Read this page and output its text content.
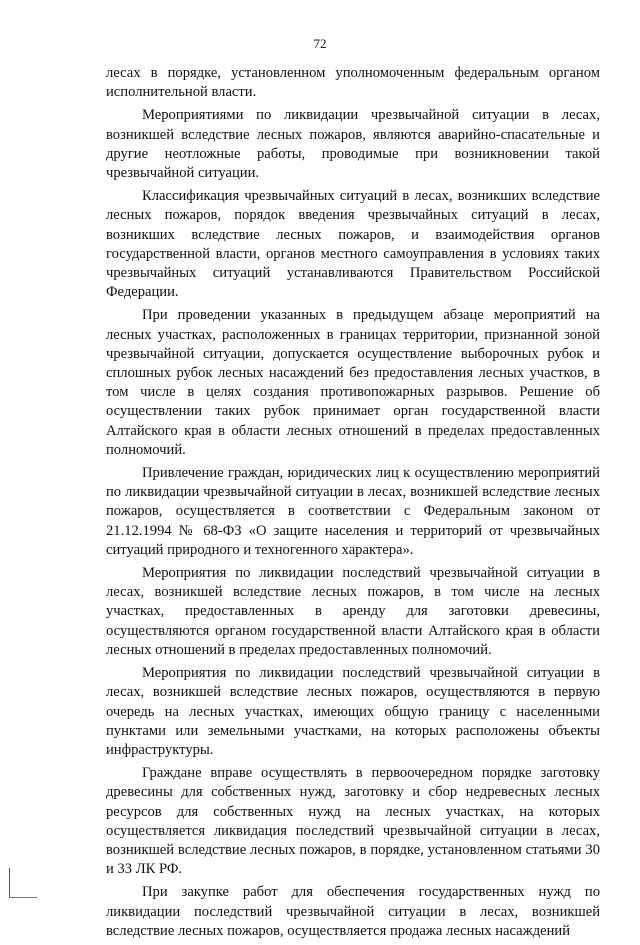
72

лесах в порядке, установленном уполномоченным федеральным органом исполнительной власти.

Мероприятиями по ликвидации чрезвычайной ситуации в лесах, возникшей вследствие лесных пожаров, являются аварийно-спасательные и другие неотложные работы, проводимые при возникновении такой чрезвычайной ситуации.

Классификация чрезвычайных ситуаций в лесах, возникших вследствие лесных пожаров, порядок введения чрезвычайных ситуаций в лесах, возникших вследствие лесных пожаров, и взаимодействия органов государственной власти, органов местного самоуправления в условиях таких чрезвычайных ситуаций устанавливаются Правительством Российской Федерации.

При проведении указанных в предыдущем абзаце мероприятий на лесных участках, расположенных в границах территории, признанной зоной чрезвычайной ситуации, допускается осуществление выборочных рубок и сплошных рубок лесных насаждений без предоставления лесных участков, в том числе в целях создания противопожарных разрывов. Решение об осуществлении таких рубок принимает орган государственной власти Алтайского края в области лесных отношений в пределах предоставленных полномочий.

Привлечение граждан, юридических лиц к осуществлению мероприятий по ликвидации чрезвычайной ситуации в лесах, возникшей вследствие лесных пожаров, осуществляется в соответствии с Федеральным законом от 21.12.1994 № 68-ФЗ «О защите населения и территорий от чрезвычайных ситуаций природного и техногенного характера».

Мероприятия по ликвидации последствий чрезвычайной ситуации в лесах, возникшей вследствие лесных пожаров, в том числе на лесных участках, предоставленных в аренду для заготовки древесины, осуществляются органом государственной власти Алтайского края в области лесных отношений в пределах предоставленных полномочий.

Мероприятия по ликвидации последствий чрезвычайной ситуации в лесах, возникшей вследствие лесных пожаров, осуществляются в первую очередь на лесных участках, имеющих общую границу с населенными пунктами или земельными участками, на которых расположены объекты инфраструктуры.

Граждане вправе осуществлять в первоочередном порядке заготовку древесины для собственных нужд, заготовку и сбор недревесных лесных ресурсов для собственных нужд на лесных участках, на которых осуществляется ликвидация последствий чрезвычайной ситуации в лесах, возникшей вследствие лесных пожаров, в порядке, установленном статьями 30 и 33 ЛК РФ.

При закупке работ для обеспечения государственных нужд по ликвидации последствий чрезвычайной ситуации в лесах, возникшей вследствие лесных пожаров, осуществляется продажа лесных насаждений
